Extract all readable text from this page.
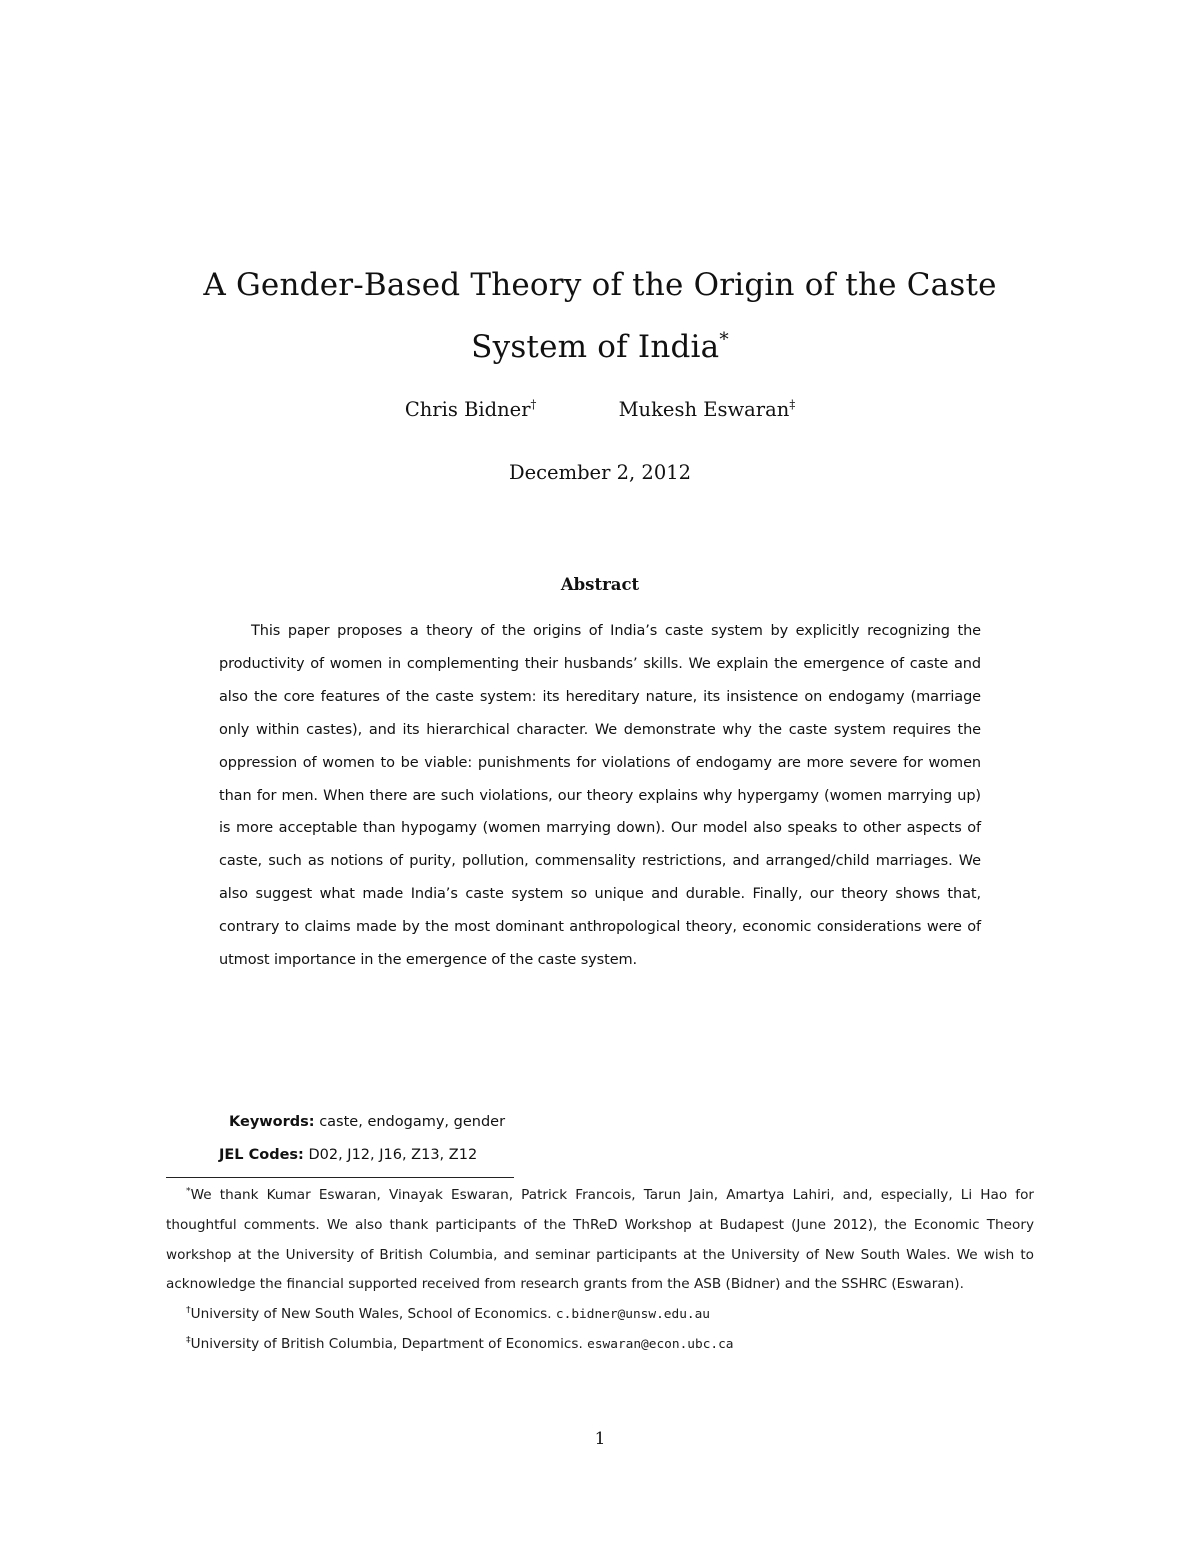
A Gender-Based Theory of the Origin of the Caste System of India*
Chris Bidner†	Mukesh Eswaran‡
December 2, 2012
Abstract

This paper proposes a theory of the origins of India’s caste system by explicitly recognizing the productivity of women in complementing their husbands’ skills. We explain the emergence of caste and also the core features of the caste system: its hereditary nature, its insistence on endogamy (marriage only within castes), and its hierarchical character. We demonstrate why the caste system requires the oppression of women to be viable: punishments for violations of endogamy are more severe for women than for men. When there are such violations, our theory explains why hypergamy (women marrying up) is more acceptable than hypogamy (women marrying down). Our model also speaks to other aspects of caste, such as notions of purity, pollution, commensality restrictions, and arranged/child marriages. We also suggest what made India’s caste system so unique and durable. Finally, our theory shows that, contrary to claims made by the most dominant anthropological theory, economic considerations were of utmost importance in the emergence of the caste system.

Keywords: caste, endogamy, gender
JEL Codes: D02, J12, J16, Z13, Z12

*We thank Kumar Eswaran, Vinayak Eswaran, Patrick Francois, Tarun Jain, Amartya Lahiri, and, especially, Li Hao for thoughtful comments. We also thank participants of the ThReD Workshop at Budapest (June 2012), the Economic Theory workshop at the University of British Columbia, and seminar participants at the University of New South Wales. We wish to acknowledge the financial supported received from research grants from the ASB (Bidner) and the SSHRC (Eswaran).

†University of New South Wales, School of Economics. c.bidner@unsw.edu.au

‡University of British Columbia, Department of Economics. eswaran@econ.ubc.ca

1
